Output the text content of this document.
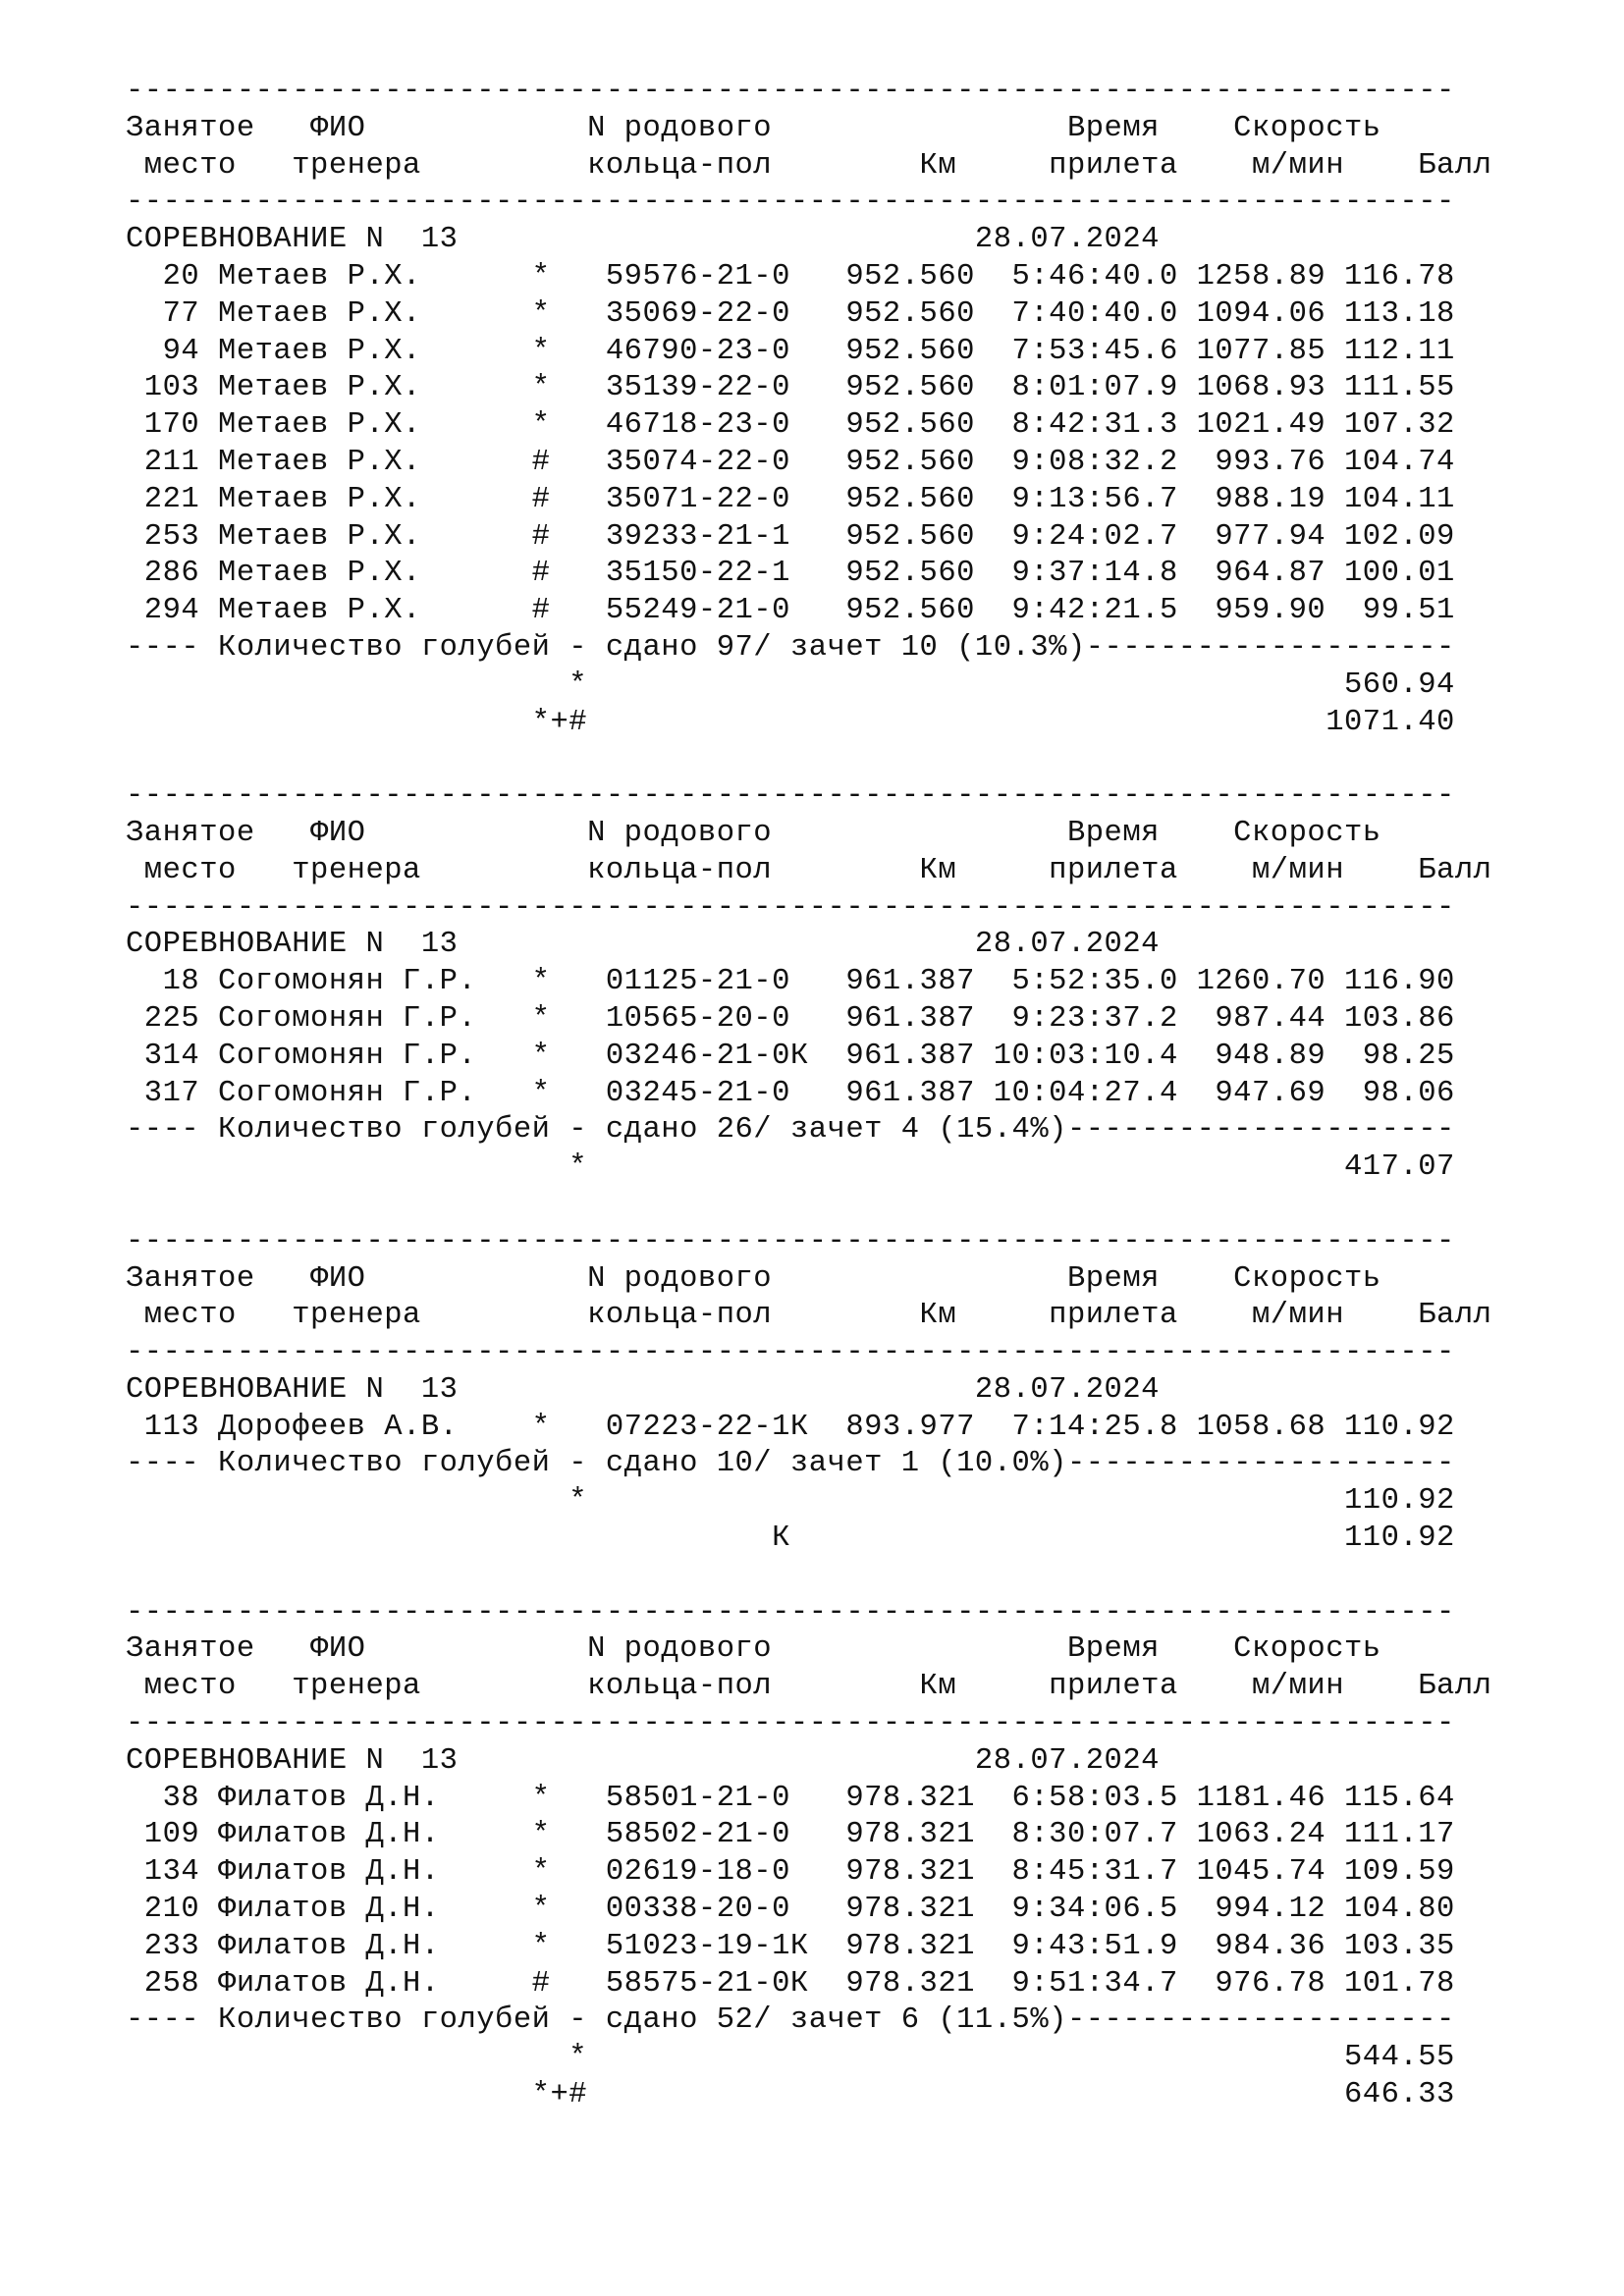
------------------------------------------------------------------------
Занятое   ФИО            N родового                Время    Скорость
место   тренера         кольца-пол        Км     прилета    м/мин    Балл
------------------------------------------------------------------------
СОРЕВНОВАНИЕ N  13                            28.07.2024
20 Метаев Р.Х.      *   59576-21-0   952.560  5:46:40.0 1258.89 116.78
77 Метаев Р.Х.      *   35069-22-0   952.560  7:40:40.0 1094.06 113.18
94 Метаев Р.Х.      *   46790-23-0   952.560  7:53:45.6 1077.85 112.11
103 Метаев Р.Х.      *   35139-22-0   952.560  8:01:07.9 1068.93 111.55
170 Метаев Р.Х.      *   46718-23-0   952.560  8:42:31.3 1021.49 107.32
211 Метаев Р.Х.      #   35074-22-0   952.560  9:08:32.2  993.76 104.74
221 Метаев Р.Х.      #   35071-22-0   952.560  9:13:56.7  988.19 104.11
253 Метаев Р.Х.      #   39233-21-1   952.560  9:24:02.7  977.94 102.09
286 Метаев Р.Х.      #   35150-22-1   952.560  9:37:14.8  964.87 100.01
294 Метаев Р.Х.      #   55249-21-0   952.560  9:42:21.5  959.90  99.51
---- Количество голубей - сдано 97/ зачет 10 (10.3%)--------------------
*                                         560.94
*+#                                        1071.40
------------------------------------------------------------------------
Занятое   ФИО            N родового                Время    Скорость
место   тренера         кольца-пол        Км     прилета    м/мин    Балл
------------------------------------------------------------------------
СОРЕВНОВАНИЕ N  13                            28.07.2024
18 Согомонян Г.Р.   *   01125-21-0   961.387  5:52:35.0 1260.70 116.90
225 Согомонян Г.Р.   *   10565-20-0   961.387  9:23:37.2  987.44 103.86
314 Согомонян Г.Р.   *   03246-21-0К  961.387 10:03:10.4  948.89  98.25
317 Согомонян Г.Р.   *   03245-21-0   961.387 10:04:27.4  947.69  98.06
---- Количество голубей - сдано 26/ зачет 4 (15.4%)---------------------
*                                         417.07
------------------------------------------------------------------------
Занятое   ФИО            N родового                Время    Скорость
место   тренера         кольца-пол        Км     прилета    м/мин    Балл
------------------------------------------------------------------------
СОРЕВНОВАНИЕ N  13                            28.07.2024
113 Дорофеев А.В.    *   07223-22-1К  893.977  7:14:25.8 1058.68 110.92
---- Количество голубей - сдано 10/ зачет 1 (10.0%)---------------------
*                                         110.92
К                              110.92
------------------------------------------------------------------------
Занятое   ФИО            N родового                Время    Скорость
место   тренера         кольца-пол        Км     прилета    м/мин    Балл
------------------------------------------------------------------------
СОРЕВНОВАНИЕ N  13                            28.07.2024
38 Филатов Д.Н.     *   58501-21-0   978.321  6:58:03.5 1181.46 115.64
109 Филатов Д.Н.     *   58502-21-0   978.321  8:30:07.7 1063.24 111.17
134 Филатов Д.Н.     *   02619-18-0   978.321  8:45:31.7 1045.74 109.59
210 Филатов Д.Н.     *   00338-20-0   978.321  9:34:06.5  994.12 104.80
233 Филатов Д.Н.     *   51023-19-1К  978.321  9:43:51.9  984.36 103.35
258 Филатов Д.Н.     #   58575-21-0К  978.321  9:51:34.7  976.78 101.78
---- Количество голубей - сдано 52/ зачет 6 (11.5%)---------------------
*                                         544.55
*+#                                         646.33
